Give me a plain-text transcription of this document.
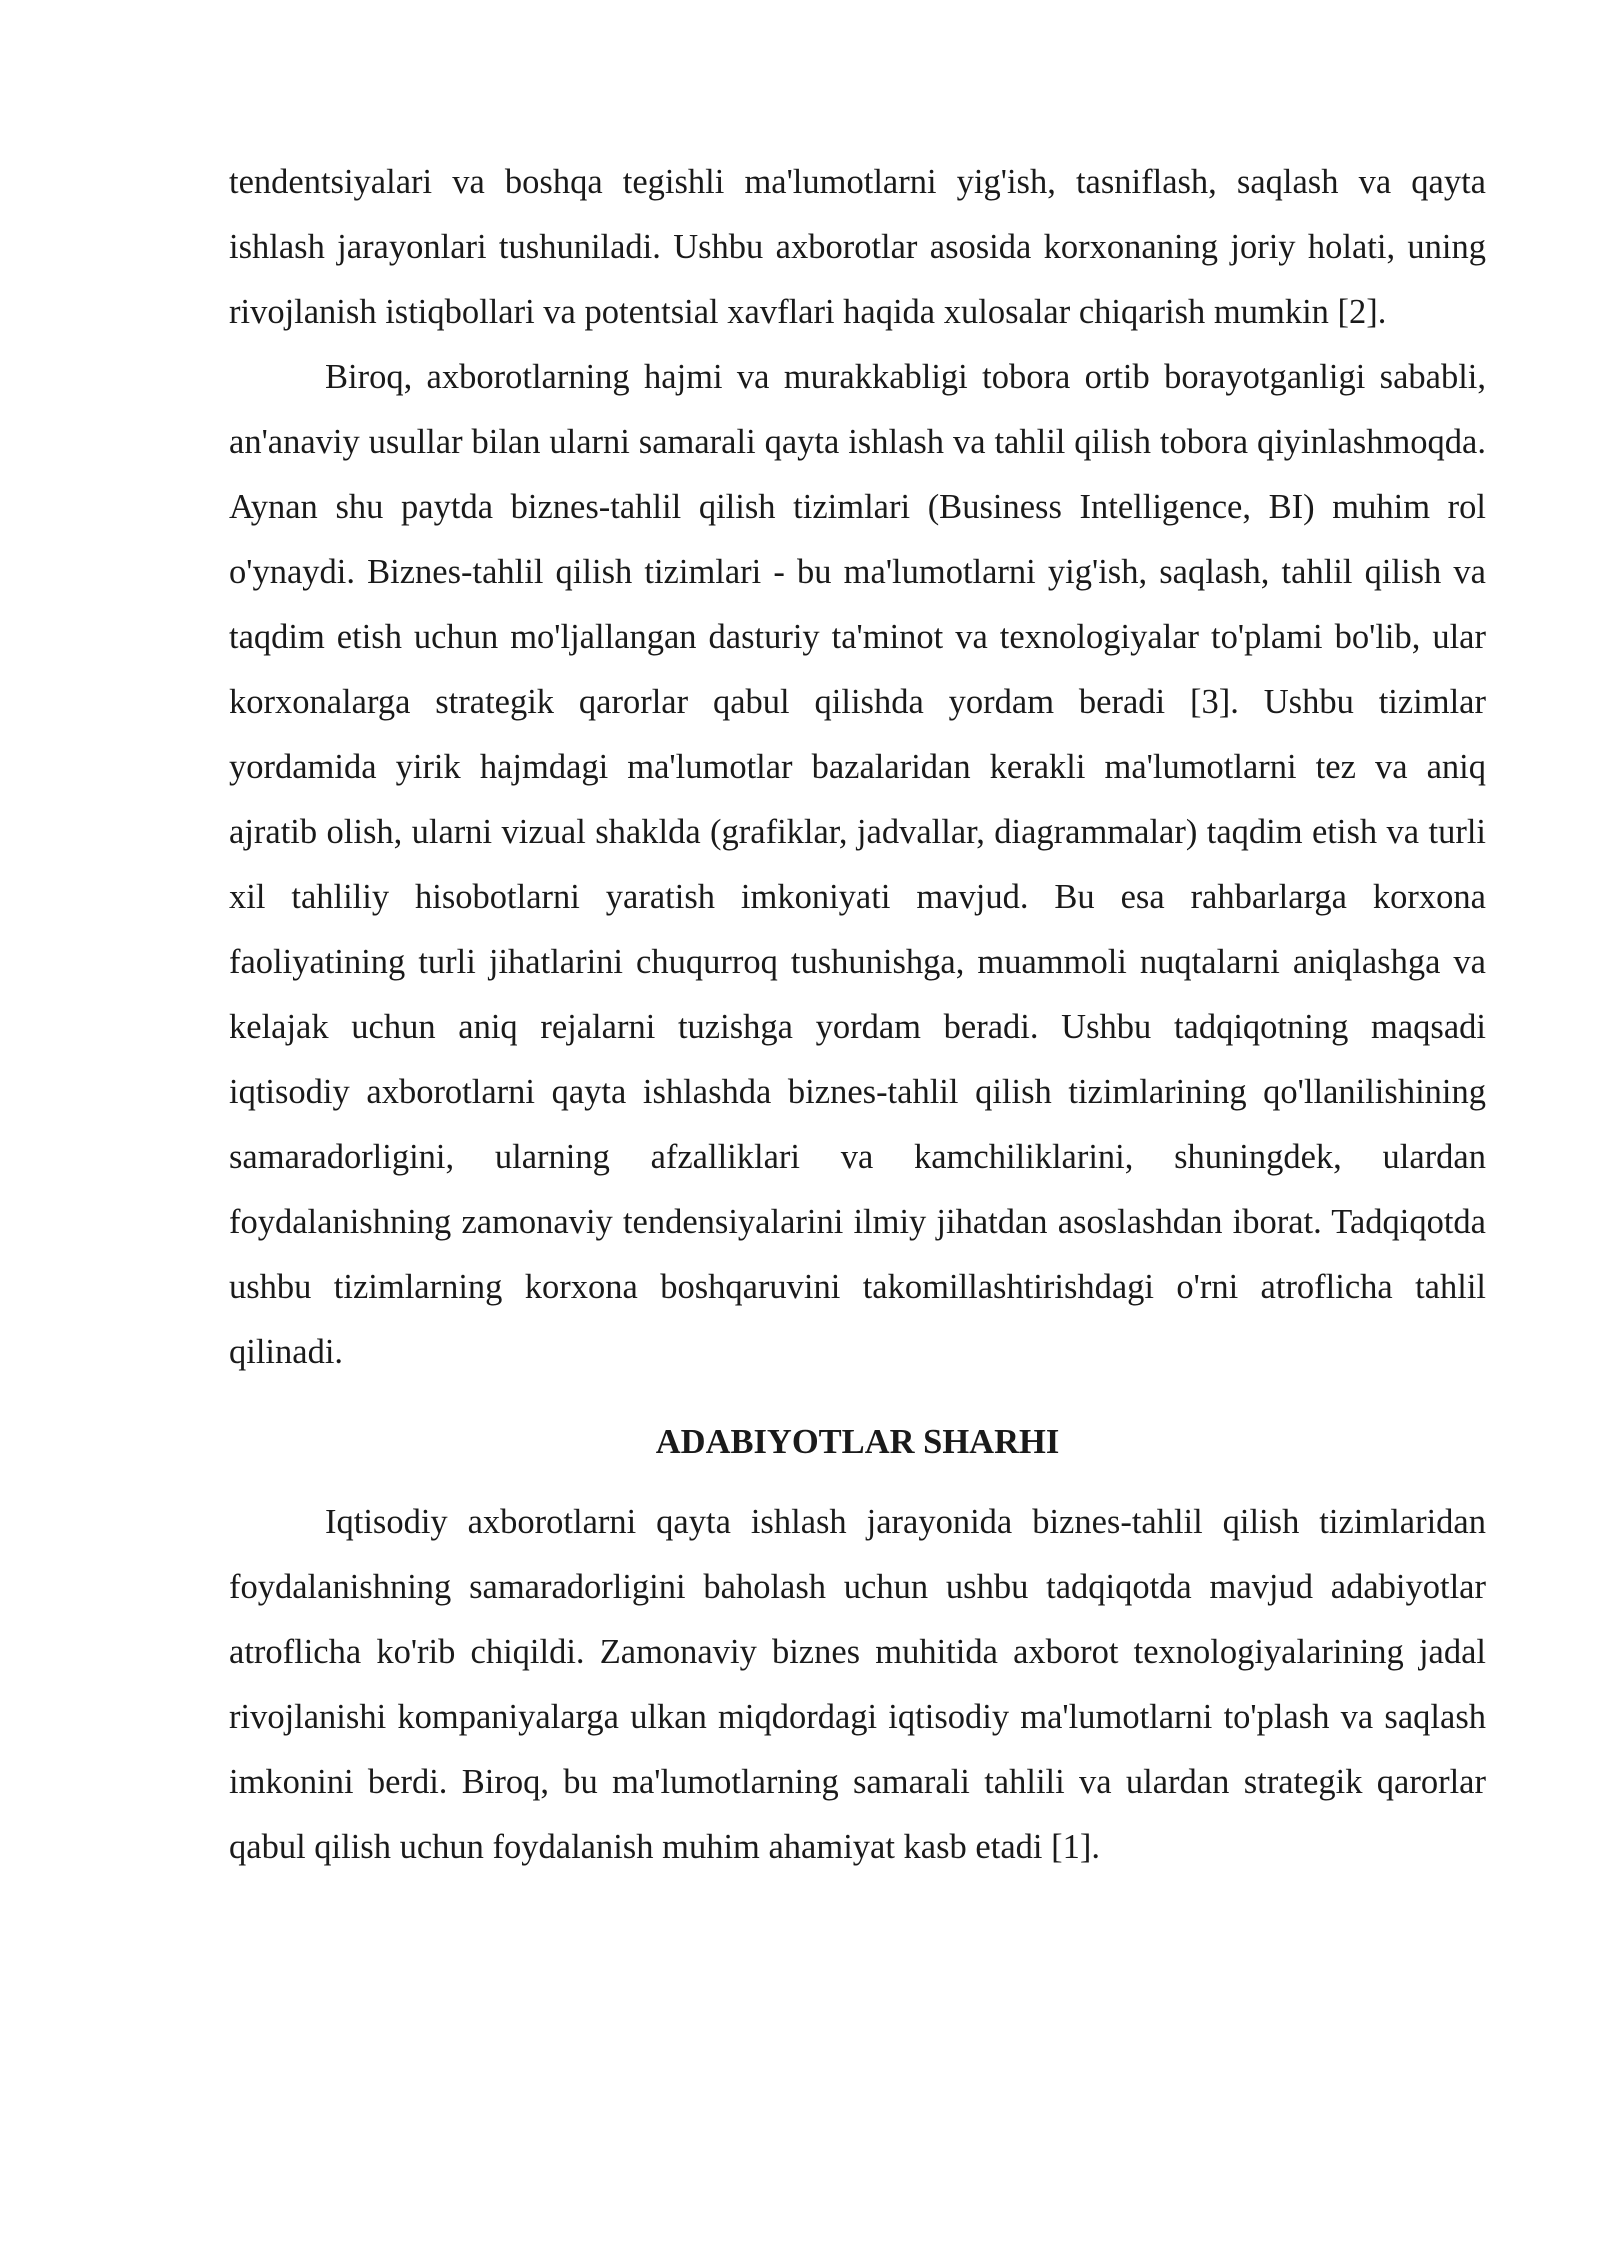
tendentsiyalari va boshqa tegishli ma'lumotlarni yig'ish, tasniflash, saqlash va qayta ishlash jarayonlari tushuniladi. Ushbu axborotlar asosida korxonaning joriy holati, uning rivojlanish istiqbollari va potentsial xavflari haqida xulosalar chiqarish mumkin [2].

Biroq, axborotlarning hajmi va murakkabligi tobora ortib borayotganligi sababli, an'anaviy usullar bilan ularni samarali qayta ishlash va tahlil qilish tobora qiyinlashmoqda. Aynan shu paytda biznes-tahlil qilish tizimlari (Business Intelligence, BI) muhim rol o'ynaydi. Biznes-tahlil qilish tizimlari - bu ma'lumotlarni yig'ish, saqlash, tahlil qilish va taqdim etish uchun mo'ljallangan dasturiy ta'minot va texnologiyalar to'plami bo'lib, ular korxonalarga strategik qarorlar qabul qilishda yordam beradi [3]. Ushbu tizimlar yordamida yirik hajmdagi ma'lumotlar bazalaridan kerakli ma'lumotlarni tez va aniq ajratib olish, ularni vizual shaklda (grafiklar, jadvallar, diagrammalar) taqdim etish va turli xil tahliliy hisobotlarni yaratish imkoniyati mavjud. Bu esa rahbarlarga korxona faoliyatining turli jihatlarini chuqurroq tushunishga, muammoli nuqtalarni aniqlashga va kelajak uchun aniq rejalarni tuzishga yordam beradi. Ushbu tadqiqotning maqsadi iqtisodiy axborotlarni qayta ishlashda biznes-tahlil qilish tizimlarining qo'llanilishining samaradorligini, ularning afzalliklari va kamchiliklarini, shuningdek, ulardan foydalanishning zamonaviy tendensiyalarini ilmiy jihatdan asoslashdan iborat. Tadqiqotda ushbu tizimlarning korxona boshqaruvini takomillashtirishdagi o'rni atroflicha tahlil qilinadi.

ADABIYOTLAR SHARHI

Iqtisodiy axborotlarni qayta ishlash jarayonida biznes-tahlil qilish tizimlaridan foydalanishning samaradorligini baholash uchun ushbu tadqiqotda mavjud adabiyotlar atroflicha ko'rib chiqildi. Zamonaviy biznes muhitida axborot texnologiyalarining jadal rivojlanishi kompaniyalarga ulkan miqdordagi iqtisodiy ma'lumotlarni to'plash va saqlash imkonini berdi. Biroq, bu ma'lumotlarning samarali tahlili va ulardan strategik qarorlar qabul qilish uchun foydalanish muhim ahamiyat kasb etadi [1].
